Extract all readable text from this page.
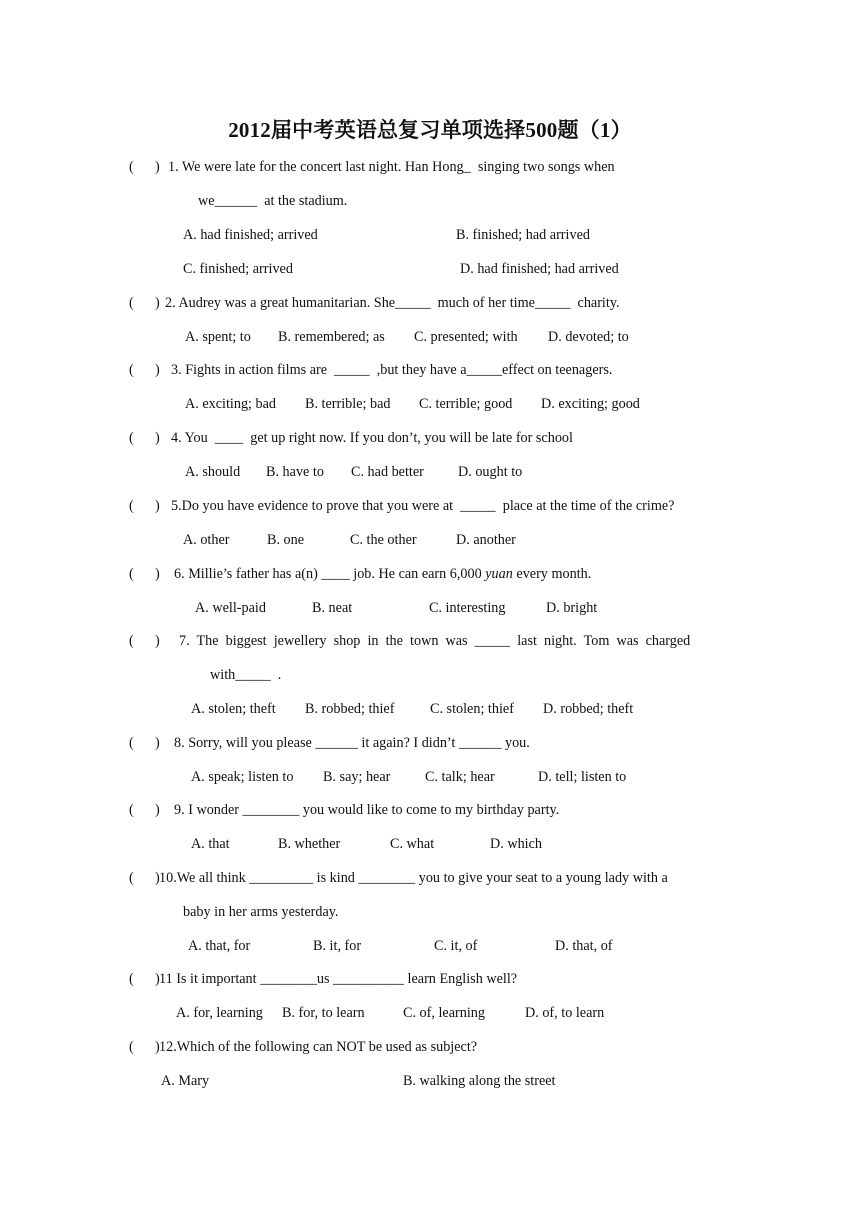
2012届中考英语总复习单项选择500题（1）
(      ) 1. We were late for the concert last night. Han Hong_  singing two songs when
we______  at the stadium.
A. had finished; arrived	B. finished; had arrived
C. finished; arrived	D. had finished; had arrived
(      ) 2. Audrey was a great humanitarian. She_____  much of her time_____  charity.
A. spent; to B. remembered; as C. presented; with D. devoted; to
(      ) 3. Fights in action films are  _____  ,but they have a_____effect on teenagers.
A. exciting; bad B. terrible; bad C. terrible; good D. exciting; good
(      ) 4. You  ____  get up right now. If you don’t, you will be late for school
A. should B. have to C. had better D. ought to
(      ) 5.Do you have evidence to prove that you were at  _____  place at the time of the crime?
A. other	B. one	C. the other	D. another
(      ) 6. Millie’s father has a(n) ____ job. He can earn 6,000 yuan every month.
A. well-paid	B. neat	C. interesting	D. bright
(      ) 7.  The  biggest  jewellery  shop  in  the  town  was  _____  last  night.  Tom  was  charged
with_____  .
A. stolen; theft B. robbed; thief	C. stolen; thief D. robbed; theft
(      ) 8. Sorry, will you please ______ it again? I didn’t ______ you.
A. speak; listen to B. say; hear C. talk; hear	D. tell; listen to
(      ) 9. I wonder ________ you would like to come to my birthday party.
A. that	B. whether	C. what	D. which
(      ) 10.We all think _________ is kind ________ you to give your seat to a young lady with a
baby in her arms yesterday.
A. that, for	B. it, for	C. it, of	D. that, of
(      ) 11 Is it important ________us __________ learn English well?
A. for, learning B. for, to learn	C. of, learning	D. of, to learn
(      ) 12.Which of the following can NOT be used as subject?
A. Mary	B. walking along the street
